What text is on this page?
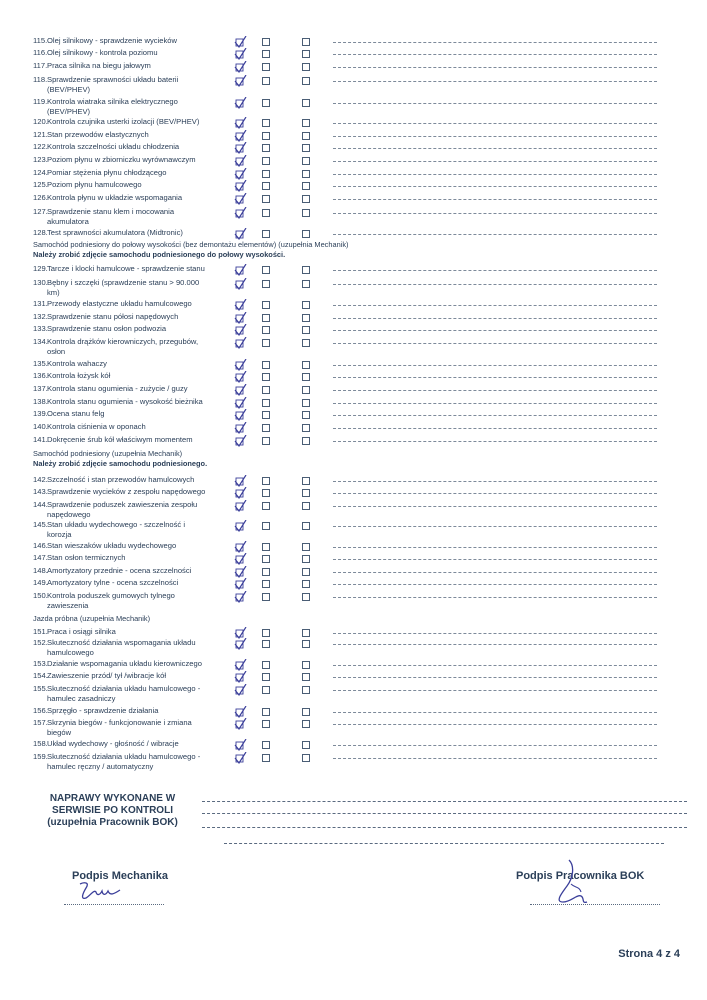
115. Olej silnikowy - sprawdzenie wycieków
116. Olej silnikowy - kontrola poziomu
117. Praca silnika na biegu jałowym
118. Sprawdzenie sprawności układu baterii
(BEV/PHEV)
119. Kontrola wiatraka silnika elektrycznego
(BEV/PHEV)
120. Kontrola czujnika usterki izolacji (BEV/PHEV)
121. Stan przewodów elastycznych
122. Kontrola szczelności układu chłodzenia
123. Poziom płynu w zbiorniczku wyrównawczym
124. Pomiar stężenia płynu chłodzącego
125. Poziom płynu hamulcowego
126. Kontrola płynu w układzie wspomagania
127. Sprawdzenie stanu klem i mocowania
akumulatora
128. Test sprawności akumulatora (Midtronic)
129. Tarcze i klocki hamulcowe - sprawdzenie stanu
130. Bębny i szczęki (sprawdzenie stanu > 90.000
km)
131. Przewody elastyczne układu hamulcowego
132. Sprawdzenie stanu półosi napędowych
133. Sprawdzenie stanu osłon podwozia
134. Kontrola drążków kierowniczych, przegubów,
osłon
135. Kontrola wahaczy
136. Kontrola łożysk kół
137. Kontrola stanu ogumienia - zużycie / guzy
138. Kontrola stanu ogumienia - wysokość bieżnika
139. Ocena stanu felg
140. Kontrola ciśnienia w oponach
141. Dokręcenie śrub kół właściwym momentem
142. Szczelność i stan przewodów hamulcowych
143. Sprawdzenie wycieków z zespołu napędowego
144. Sprawdzenie poduszek zawieszenia zespołu
napędowego
145. Stan układu wydechowego - szczelność i
korozja
146. Stan wieszaków układu wydechowego
147. Stan osłon termicznych
148. Amortyzatory przednie - ocena szczelności
149. Amortyzatory tylne - ocena szczelności
150. Kontrola poduszek gumowych tylnego
zawieszenia
151. Praca i osiągi silnika
152. Skuteczność działania wspomagania układu
hamulcowego
153. Działanie wspomagania układu kierowniczego
154. Zawieszenie przód/ tył /wibracje kół
155. Skuteczność działania układu hamulcowego -
hamulec zasadniczy
156. Sprzęgło - sprawdzenie działania
157. Skrzynia biegów - funkcjonowanie i zmiana
biegów
158. Układ wydechowy - głośność / wibracje
159. Skuteczność działania układu hamulcowego -
hamulec ręczny / automatyczny
Samochód podniesiony do połowy wysokości (bez demontażu elementów) (uzupełnia Mechanik)
Należy zrobić zdjęcie samochodu podniesionego do połowy wysokości.
Samochód podniesiony (uzupełnia Mechanik)
Należy zrobić zdjęcie samochodu podniesionego.
Jazda próbna (uzupełnia Mechanik)
NAPRAWY WYKONANE W
SERWISIE PO KONTROLI
(uzupełnia Pracownik BOK)
Podpis Mechanika	Podpis Pracownika BOK
Strona 4 z 4
